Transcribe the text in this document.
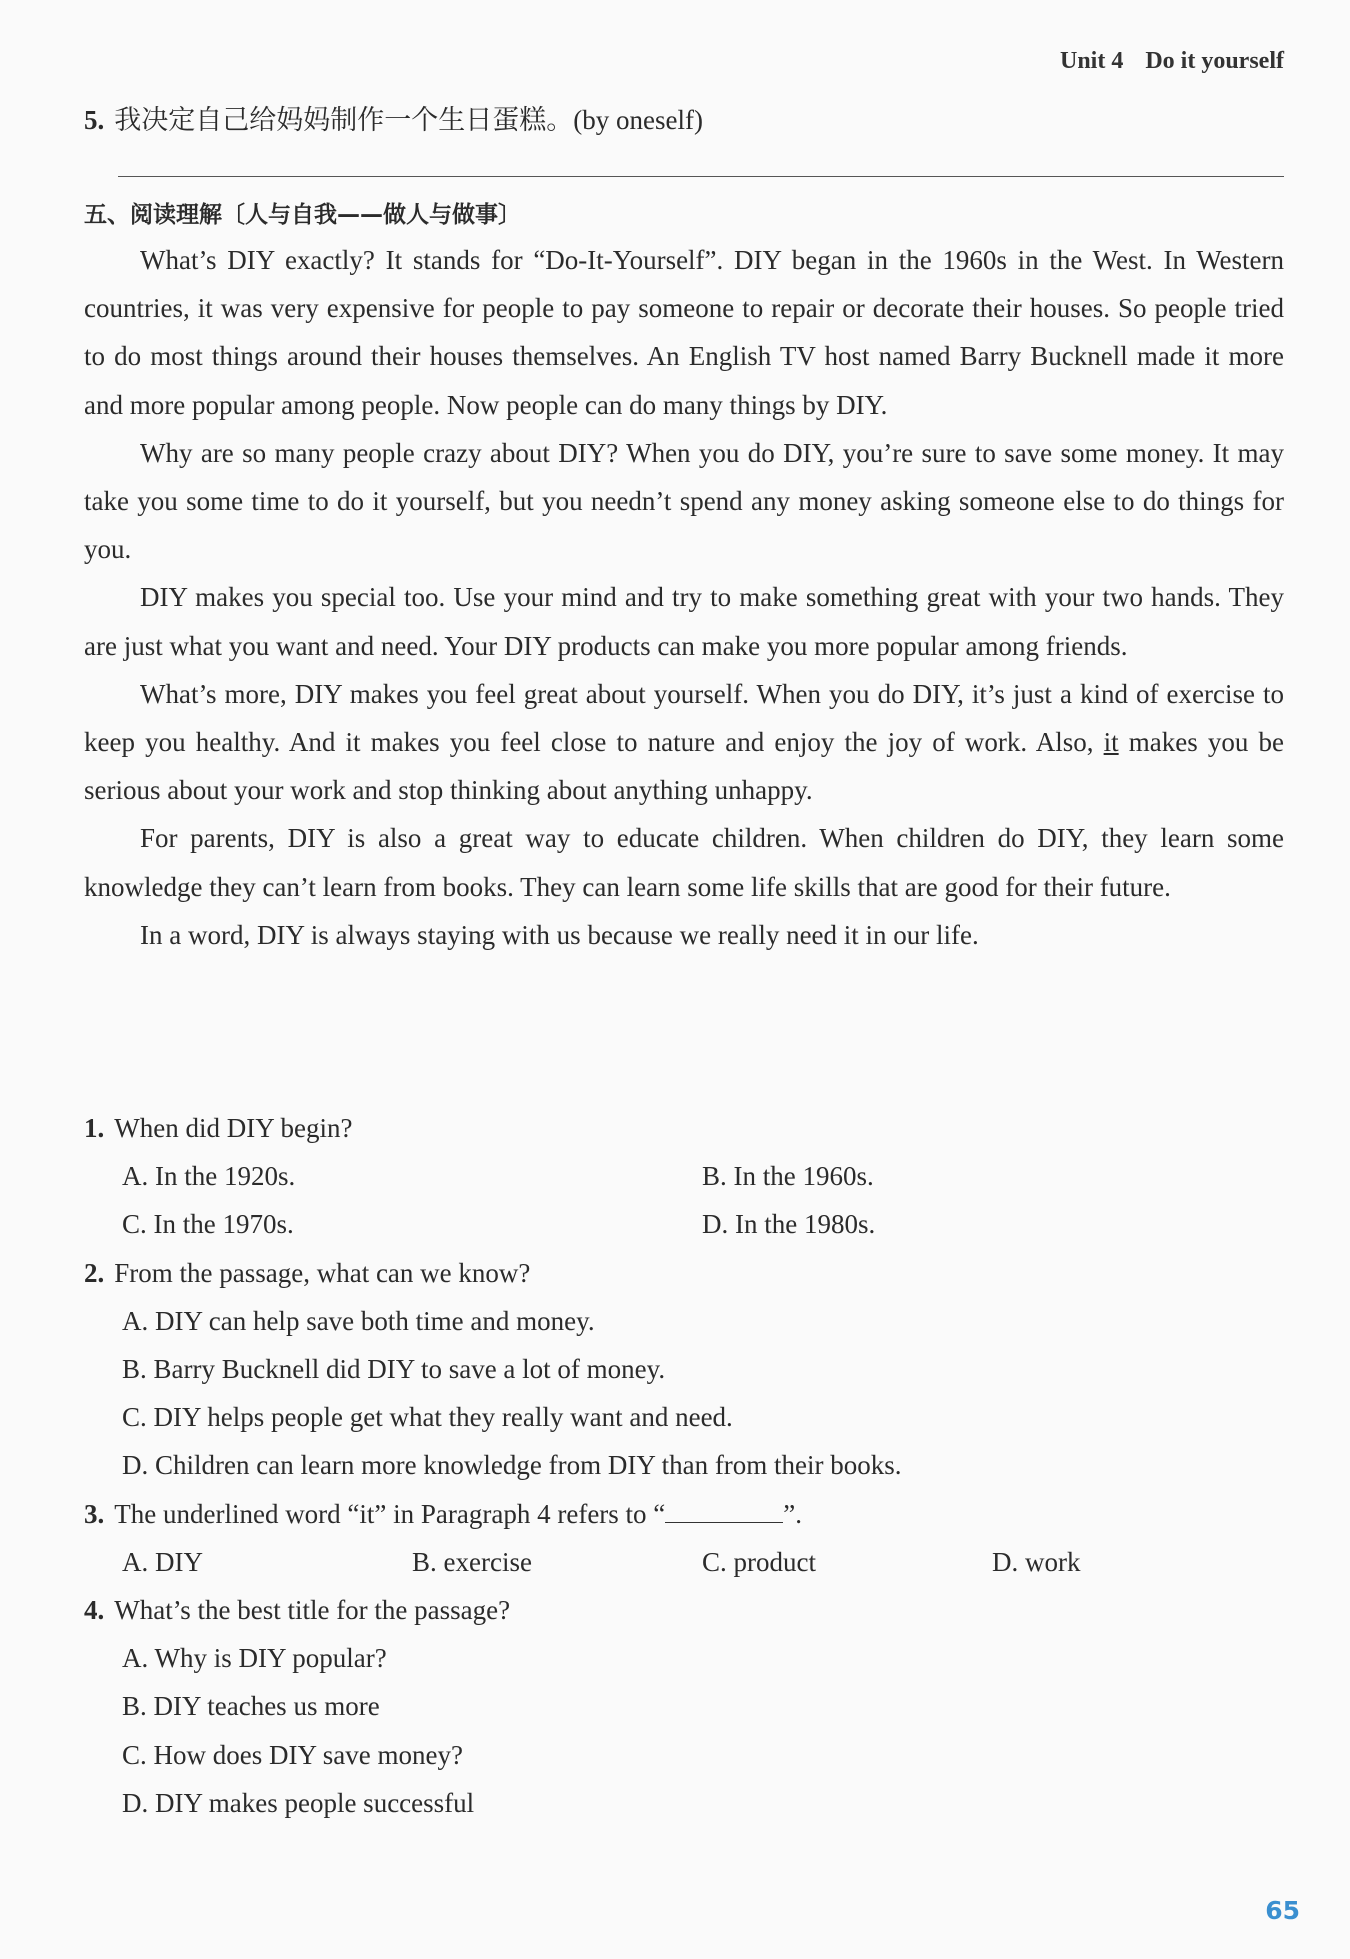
Unit 4 Do it yourself
5. 我决定自己给妈妈制作一个生日蛋糕。(by oneself)
五、阅读理解〔人与自我——做人与做事〕

What’s DIY exactly? It stands for “Do-It-Yourself”. DIY began in the 1960s in the West. In Western countries, it was very expensive for people to pay someone to repair or decorate their houses. So people tried to do most things around their houses themselves. An English TV host named Barry Bucknell made it more and more popular among people. Now people can do many things by DIY.

Why are so many people crazy about DIY? When you do DIY, you’re sure to save some money. It may take you some time to do it yourself, but you needn’t spend any money asking someone else to do things for you.

DIY makes you special too. Use your mind and try to make something great with your two hands. They are just what you want and need. Your DIY products can make you more popular among friends.

What’s more, DIY makes you feel great about yourself. When you do DIY, it’s just a kind of exercise to keep you healthy. And it makes you feel close to nature and enjoy the joy of work. Also, it makes you be serious about your work and stop thinking about anything unhappy.

For parents, DIY is also a great way to educate children. When children do DIY, they learn some knowledge they can’t learn from books. They can learn some life skills that are good for their future.

In a word, DIY is always staying with us because we really need it in our life.

1. When did DIY begin?

A. In the 1920s.	B. In the 1960s.

C. In the 1970s.	D. In the 1980s.

2. From the passage, what can we know?

A. DIY can help save both time and money.

B. Barry Bucknell did DIY to save a lot of money.

C. DIY helps people get what they really want and need.

D. Children can learn more knowledge from DIY than from their books.

3. The underlined word “it” in Paragraph 4 refers to “	”.

A. DIY	B. exercise	C. product	D. work

4. What’s the best title for the passage?

A. Why is DIY popular?

B. DIY teaches us more

C. How does DIY save money?

D. DIY makes people successful

65
